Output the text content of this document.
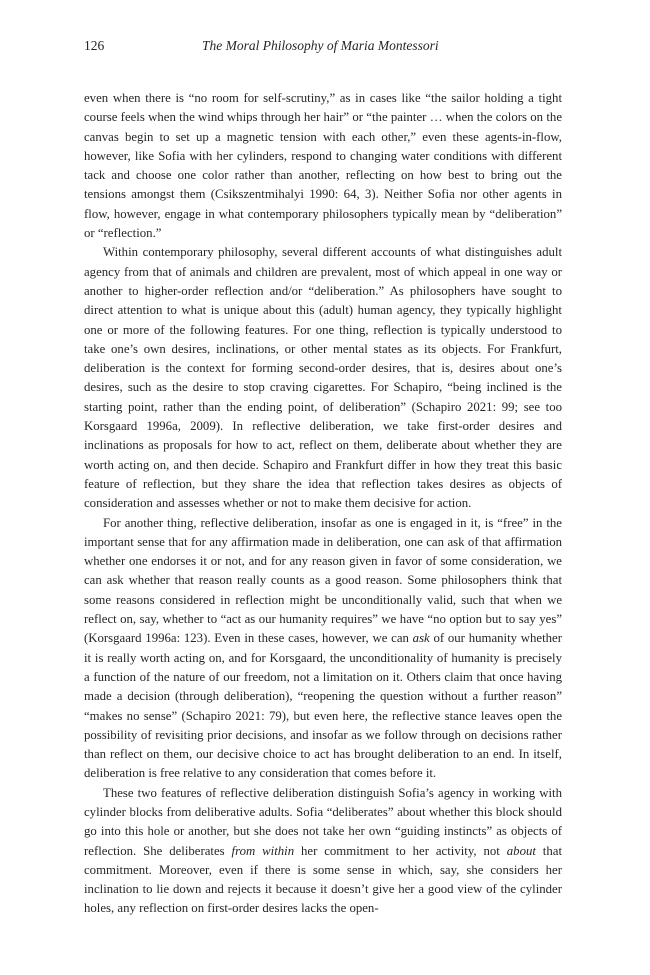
126	The Moral Philosophy of Maria Montessori

even when there is “no room for self-scrutiny,” as in cases like “the sailor holding a tight course feels when the wind whips through her hair” or “the painter … when the colors on the canvas begin to set up a magnetic tension with each other,” even these agents-in-flow, however, like Sofia with her cylinders, respond to changing water conditions with different tack and choose one color rather than another, reflecting on how best to bring out the tensions amongst them (Csikszentmihalyi 1990: 64, 3). Neither Sofia nor other agents in flow, however, engage in what contemporary philosophers typically mean by “deliberation” or “reflection.”

Within contemporary philosophy, several different accounts of what distinguishes adult agency from that of animals and children are prevalent, most of which appeal in one way or another to higher-order reflection and/or “deliberation.” As philosophers have sought to direct attention to what is unique about this (adult) human agency, they typically highlight one or more of the following features. For one thing, reflection is typically understood to take one’s own desires, inclinations, or other mental states as its objects. For Frankfurt, deliberation is the context for forming second-order desires, that is, desires about one’s desires, such as the desire to stop craving cigarettes. For Schapiro, “being inclined is the starting point, rather than the ending point, of deliberation” (Schapiro 2021: 99; see too Korsgaard 1996a, 2009). In reflective deliberation, we take first-order desires and inclinations as proposals for how to act, reflect on them, deliberate about whether they are worth acting on, and then decide. Schapiro and Frankfurt differ in how they treat this basic feature of reflection, but they share the idea that reflection takes desires as objects of consideration and assesses whether or not to make them decisive for action.

For another thing, reflective deliberation, insofar as one is engaged in it, is “free” in the important sense that for any affirmation made in deliberation, one can ask of that affirmation whether one endorses it or not, and for any reason given in favor of some consideration, we can ask whether that reason really counts as a good reason. Some philosophers think that some reasons considered in reflection might be unconditionally valid, such that when we reflect on, say, whether to “act as our humanity requires” we have “no option but to say yes” (Korsgaard 1996a: 123). Even in these cases, however, we can ask of our humanity whether it is really worth acting on, and for Korsgaard, the unconditionality of humanity is precisely a function of the nature of our freedom, not a limitation on it. Others claim that once having made a decision (through deliberation), “reopening the question without a further reason” “makes no sense” (Schapiro 2021: 79), but even here, the reflective stance leaves open the possibility of revisiting prior decisions, and insofar as we follow through on decisions rather than reflect on them, our decisive choice to act has brought deliberation to an end. In itself, deliberation is free relative to any consideration that comes before it.

These two features of reflective deliberation distinguish Sofia’s agency in working with cylinder blocks from deliberative adults. Sofia “deliberates” about whether this block should go into this hole or another, but she does not take her own “guiding instincts” as objects of reflection. She deliberates from within her commitment to her activity, not about that commitment. Moreover, even if there is some sense in which, say, she considers her inclination to lie down and rejects it because it doesn’t give her a good view of the cylinder holes, any reflection on first-order desires lacks the open-
